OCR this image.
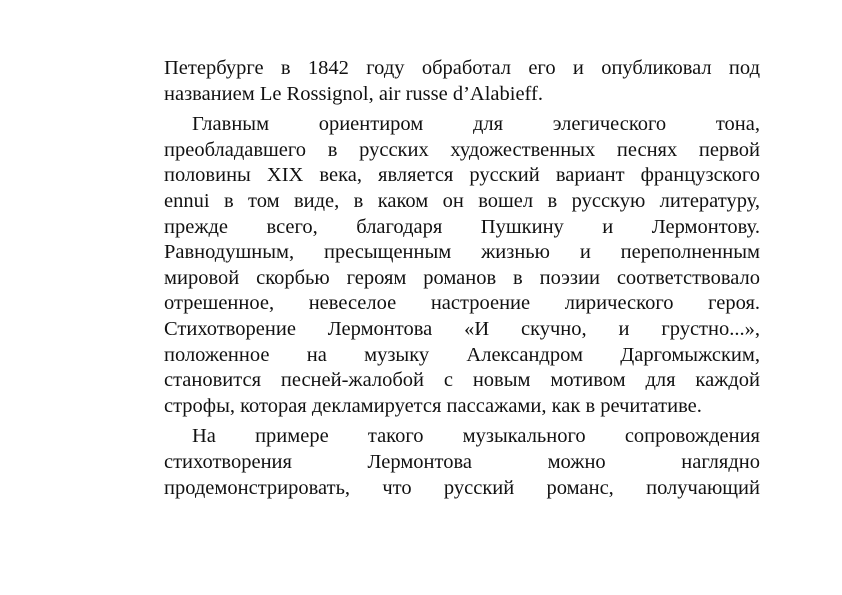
Петербурге в 1842 году обработал его и опубликовал под
названием Le Rossignol, air russe d’Alabieff.

Главным ориентиром для элегического тона,
преобладавшего в русских художественных песнях первой
половины XIX века, является русский вариант французского
ennui в том виде, в каком он вошел в русскую литературу,
прежде всего, благодаря Пушкину и Лермонтову.
Равнодушным, пресыщенным жизнью и переполненным
мировой скорбью героям романов в поэзии соответствовало
отрешенное, невеселое настроение лирического героя.
Стихотворение Лермонтова «И скучно, и грустно...»,
положенное на музыку Александром Даргомыжским,
становится песней-жалобой с новым мотивом для каждой
строфы, которая декламируется пассажами, как в речитативе.

На примере такого музыкального сопровождения
стихотворения Лермонтова можно наглядно
продемонстрировать, что русский романс, получающий
